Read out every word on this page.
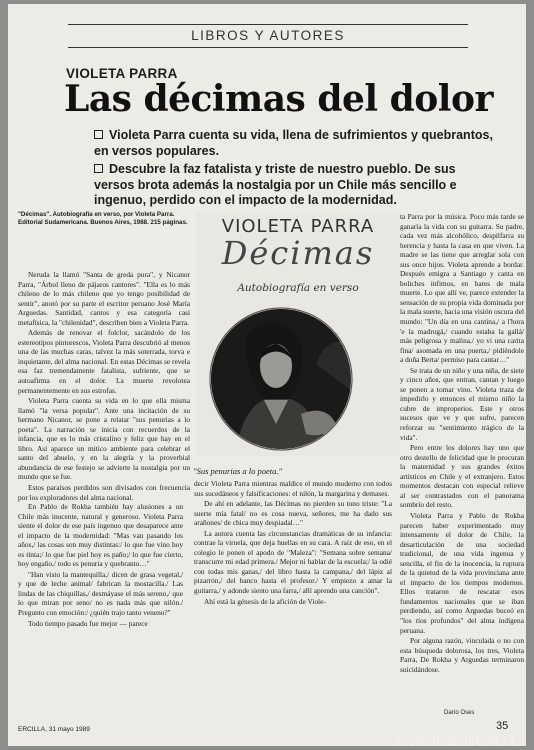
LIBROS Y AUTORES
VIOLETA PARRA
Las décimas del dolor
Violeta Parra cuenta su vida, llena de sufrimientos y quebrantos, en versos populares.
Descubre la faz fatalista y triste de nuestro pueblo. De sus versos brota además la nostalgia por un Chile más sencillo e ingenuo, perdido con el impacto de la modernidad.
"Décimas". Autobiografía en verso, por Violeta Parra. Editorial Sudamericana. Buenos Aires, 1988. 215 páginas.	VIOLETA PARRA
Décimas
Autobiografía en verso
"Sus penurias a lo poeta."

Neruda la llamó "Santa de greda pura", y Nicanor Parra, "Árbol lleno de pájaros cantores". "Ella es lo más chileno de lo más chileno que yo tengo posibilidad de sentir", anotó por su parte el escritor peruano José María Arguedas. Santidad, cantos y esa categoría casi metafísica, la "chilenidad", describen bien a Violeta Parra.

Además de renovar el folclor, sacándolo de los estereotipos pintorescos, Violeta Parra descubrió al menos una de las muchas caras, talvez la más soterrada, torva e inquietante, del alma nacional. En estas Décimas se revela esa faz tremendamente fatalista, sufriente, que se autoafirma en el dolor. La muerte revolotea permanentemente en sus estrofas.

Violeta Parra cuenta su vida en lo que ella misma llamó "la versa popular". Ante una incitación de su hermano Nicanor, se pone a relatar "sus penurias a lo poeta". La narración se inicia con recuerdos de la infancia, que es lo más cristalino y feliz que hay en el libro. Así aparece un mitico ambiente para celebrar el santo del abuelo, y en la alegría y la proverbial abundancia de ese festejo se advierte la nostalgia por un mundo que se fue.

Estos paraísos perdidos son divisados con frecuencia por los exploradores del alma nacional.

En Pablo de Rokha también hay alusiones a un Chile más inocente, natural y generoso. Violeta Parra siente el dolor de ese país ingenuo que desaparece ante el impacto de la modernidad: "Mas van pasando los años,/ las cosas son muy distintas:/ lo que fue vino hoy es tinta;/ lo que fue piel hoy es paño;/ lo que fue cierto, hoy engaño,/ todo es penuria y quebranto…"

"Han visto la mantequilla,/ dicen de grasa vegetal,/ y que de leche animal/ fabrican la mostacilla./ Las lindas de las chiquillas,/ desmáyase el más sereno,/ que lo que miran por seno/ no es nada más que nilón./ Pregunto con emoción:/ ¿quién trajo tanto veneno?"

Todo tiempo pasado fue mejor — parece

decir Violeta Parra mientras maldice el mundo moderno con todos sus sucedáneos y falsificaciones: el nilón, la margarina y demases.

De ahí en adelante, las Décimas no pierden su tono triste: "La suerte mía fatal/ no es cosa nueva, señores, me ha dado sus arañones/ de chica muy despiadal…"

La autora cuenta las circunstancias dramáticas de su infancia: contrae la viruela, que deja huellas en su cara. A raíz de eso, en el colegio le ponen el apodo de "Maleza": "Semana sobre semana/ transcurre mi edad primera./ Mejor ni hablar de la escuela;/ la odié con todas mis ganas,/ del libro hasta la campana,/ del lápiz al pizarrón,/ del banco hasta el profesor./ Y empiezo a amar la guitarra,/ y adonde siento una farra,/ allí aprendo una canción".

Ahí está la génesis de la afición de Viole-

ta Parra por la música. Poco más tarde se ganaría la vida con su guitarra. Su padre, cada vez más alcohólico, despilfarra su herencia y hasta la casa en que viven. La madre se las tiene que arreglar sola con sus once hijos. Violeta aprende a bordar. Después emigra a Santiago y canta en boliches ínfimos, en bares de mala muerte. Lo que allí ve, parece extender la sensación de su propia vida dominada por la mala suerte, hacia una visión oscura del mundo: "Un día en una cantina,/ a l'hora 'e la madrugá,/ cuando estaba la gallá/ más peligrosa y malina,/ yo vi una carita fina/ asomada en una puerta,/ pidiéndole a doña Berta/ permiso para cantar…"

Se trata de un niño y una niña, de siete y cinco años, que entran, cantan y luego se ponen a tomar vino. Violeta traza de impedirlo y entonces el mismo niño la cubre de improperios. Este y otros sucesos que ve y que sufre, parecen reforzar su "sentimiento trágico de la vida".

Pero entre los dolores hay uno que otro destello de felicidad que le procuran la maternidad y sus grandes éxitos artísticos en Chile y el extranjero. Estos momentos destacan con especial relieve al ser contrastados con el panorama sombrío del resto.

Violeta Parra y Pablo de Rokha parecen haber experimentado muy intensamente el dolor de Chile, la desarticulación de una sociedad tradicional, de una vida ingenua y sencilla, el fin de la inocencia, la ruptura de la quietud de la vida provinciana ante el impacto de los tiempos modernos. Ellos trataron de rescatar esos fundamentos nacionales que se iban perdiendo, así como Arguedas buceó en "los ríos profundos" del alma indígena peruana.

Por alguna razón, vinculada o no con esta búsqueda dolorosa, los tres, Violeta Parra, De Rokha y Arguedas terminaron suicidándose.

Darío Oses
ERCILLA, 31 mayo 1989	35
memoriachilena.cl
